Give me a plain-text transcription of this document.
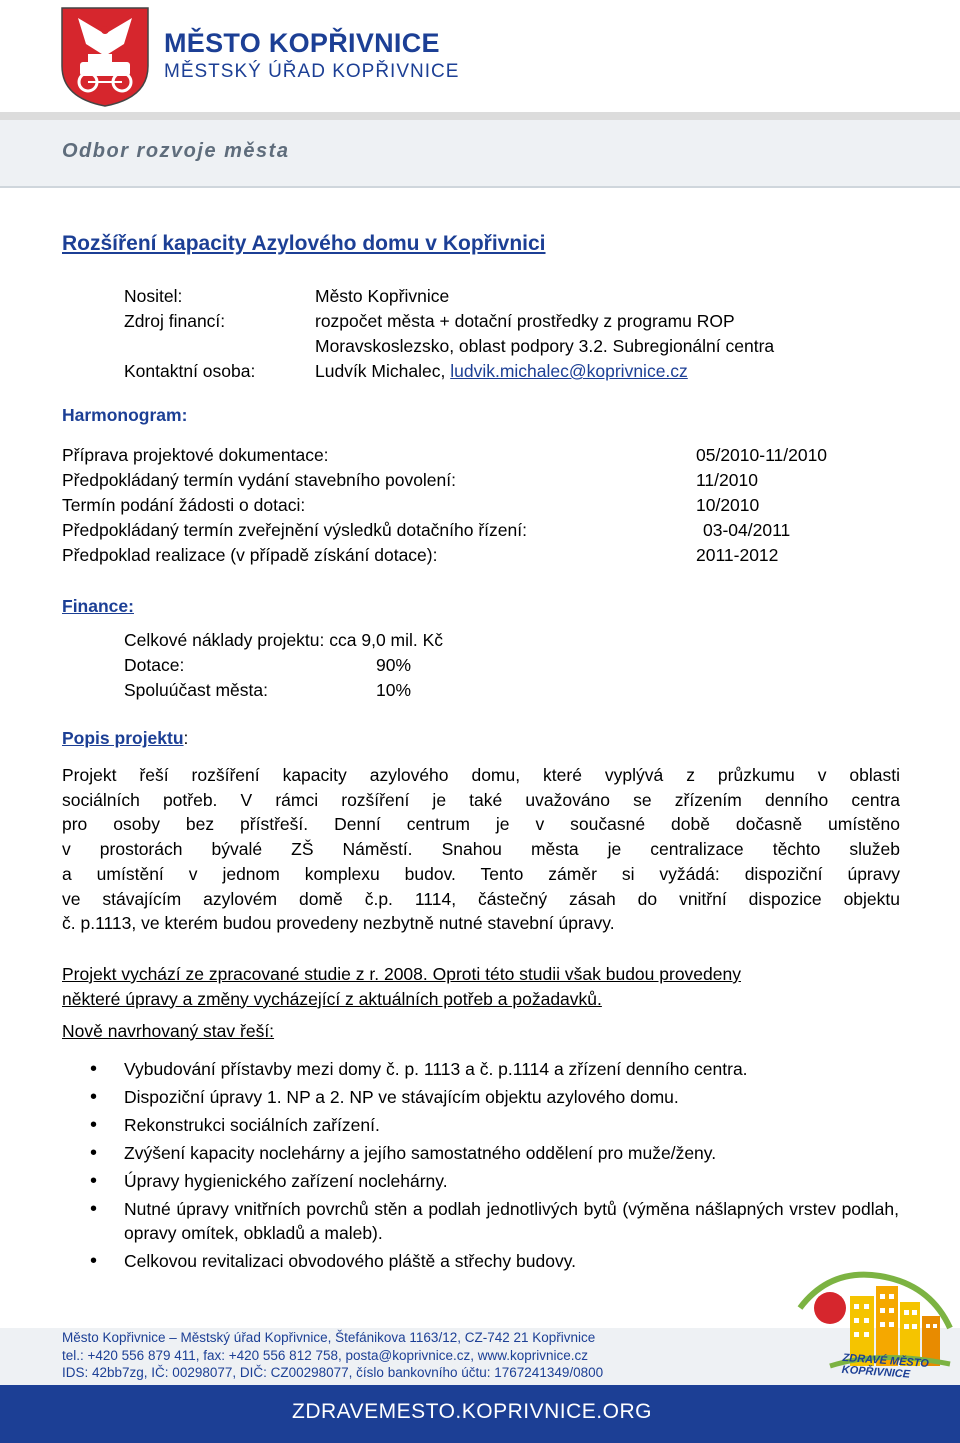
MĚSTO KOPŘIVNICE
MĚSTSKÝ ÚŘAD KOPŘIVNICE
Odbor rozvoje města
Rozšíření kapacity Azylového domu v Kopřivnici
Nositel:	Město Kopřivnice
Zdroj financí:	rozpočet města + dotační prostředky z programu ROP
Moravskoslezsko, oblast podpory 3.2. Subregionální centra
Kontaktní osoba:	Ludvík Michalec, ludvik.michalec@koprivnice.cz
Harmonogram:
Příprava projektové dokumentace:	05/2010-11/2010
Předpokládaný termín vydání stavebního povolení:	11/2010
Termín podání žádosti o dotaci:	10/2010
Předpokládaný termín zveřejnění výsledků dotačního řízení:	03-04/2011
Předpoklad realizace (v případě získání dotace):	2011-2012
Finance:
Celkové náklady projektu: cca 9,0 mil. Kč
Dotace:	90%
Spoluúčast města:	10%
Popis projektu:
Projekt řeší rozšíření kapacity azylového domu, které vyplývá z průzkumu v oblasti
sociálních potřeb. V rámci rozšíření je také uvažováno se zřízením denního centra
pro osoby bez přístřeší. Denní centrum je v současné době dočasně umístěno
v prostorách bývalé ZŠ Náměstí. Snahou města je centralizace těchto služeb
a umístění v jednom komplexu budov. Tento záměr si vyžádá: dispoziční úpravy
ve stávajícím azylovém domě č.p. 1114, částečný zásah do vnitřní dispozice objektu
č. p.1113, ve kterém budou provedeny nezbytně nutné stavební úpravy.
Projekt vychází ze zpracované studie z r. 2008. Oproti této studii však budou provedeny
některé úpravy a změny vycházející z aktuálních potřeb a požadavků.
Nově navrhovaný stav řeší:
• Vybudování přístavby mezi domy č. p. 1113 a č. p.1114 a zřízení denního centra.
• Dispoziční úpravy 1. NP a 2. NP ve stávajícím objektu azylového domu.
• Rekonstrukci sociálních zařízení.
• Zvýšení kapacity noclehárny a jejího samostatného oddělení pro muže/ženy.
• Úpravy hygienického zařízení noclehárny.
• Nutné úpravy vnitřních povrchů stěn a podlah jednotlivých bytů (výměna nášlapných vrstev podlah, opravy omítek, obkladů a maleb).
• Celkovou revitalizaci obvodového pláště a střechy budovy.
Město Kopřivnice – Městský úřad Kopřivnice, Štefánikova 1163/12, CZ-742 21 Kopřivnice
tel.: +420 556 879 411, fax: +420 556 812 758, posta@koprivnice.cz, www.koprivnice.cz
IDS: 42bb7zg, IČ: 00298077, DIČ: CZ00298077, číslo bankovního účtu: 1767241349/0800
ZDRAVÉ MĚSTO KOPŘIVNICE
ZDRAVEMESTO.KOPRIVNICE.ORG
